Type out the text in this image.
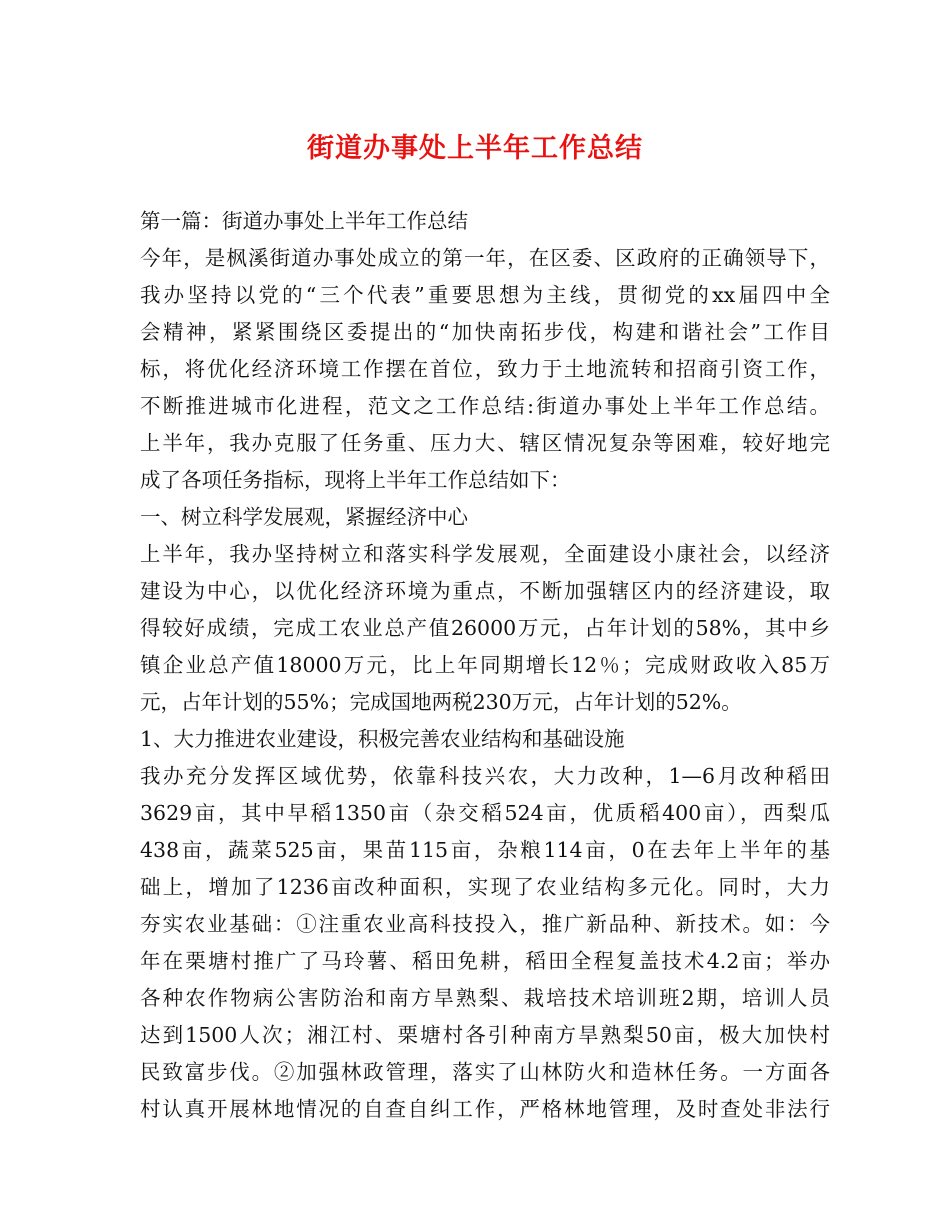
街道办事处上半年工作总结
第一篇：街道办事处上半年工作总结
今年，是枫溪街道办事处成立的第一年，在区委、区政府的正确领导下，
我办坚持以党的“三个代表”重要思想为主线，贯彻党的xx届四中全
会精神，紧紧围绕区委提出的“加快南拓步伐，构建和谐社会”工作目
标，将优化经济环境工作摆在首位，致力于土地流转和招商引资工作，
不断推进城市化进程，范文之工作总结:街道办事处上半年工作总结。
上半年，我办克服了任务重、压力大、辖区情况复杂等困难，较好地完
成了各项任务指标，现将上半年工作总结如下：
一、树立科学发展观，紧握经济中心
上半年，我办坚持树立和落实科学发展观，全面建设小康社会，以经济
建设为中心，以优化经济环境为重点，不断加强辖区内的经济建设，取
得较好成绩，完成工农业总产值26000万元，占年计划的58%，其中乡
镇企业总产值18000万元，比上年同期增长12％；完成财政收入85万
元，占年计划的55%；完成国地两税230万元，占年计划的52%。
1、大力推进农业建设，积极完善农业结构和基础设施
我办充分发挥区域优势，依靠科技兴农，大力改种，1—6月改种稻田
3629亩，其中早稻1350亩（杂交稻524亩，优质稻400亩），西梨瓜
438亩，蔬菜525亩，果苗115亩，杂粮114亩，0在去年上半年的基
础上，增加了1236亩改种面积，实现了农业结构多元化。同时，大力
夯实农业基础：①注重农业高科技投入，推广新品种、新技术。如：今
年在栗塘村推广了马玲薯、稻田免耕，稻田全程复盖技术4.2亩；举办
各种农作物病公害防治和南方旱熟梨、栽培技术培训班2期，培训人员
达到1500人次；湘江村、栗塘村各引种南方旱熟梨50亩，极大加快村
民致富步伐。②加强林政管理，落实了山林防火和造林任务。一方面各
村认真开展林地情况的自查自纠工作，严格林地管理，及时查处非法行
